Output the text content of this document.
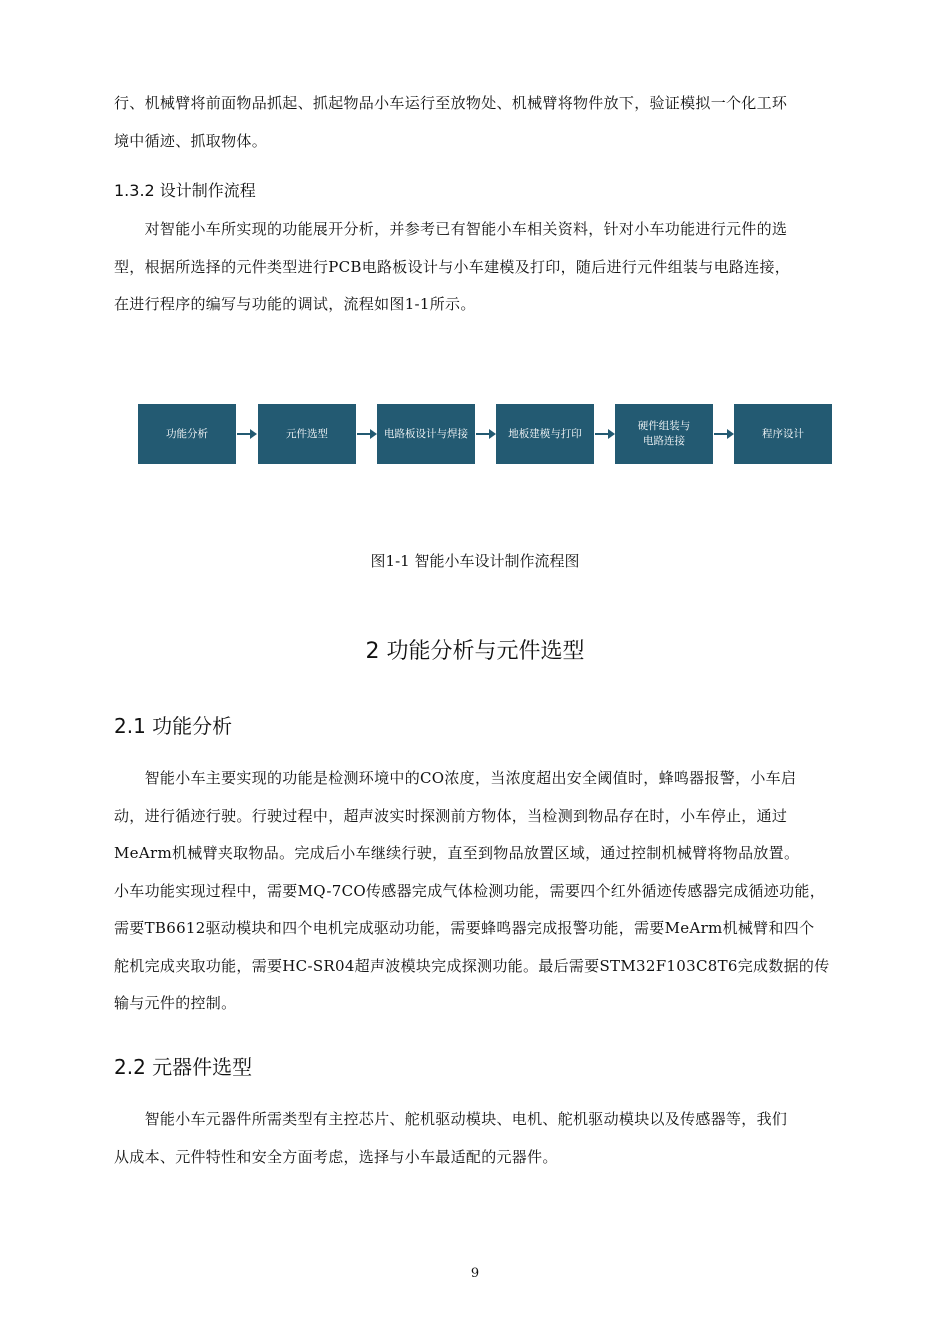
行、机械臂将前面物品抓起、抓起物品小车运行至放物处、机械臂将物件放下，验证模拟一个化工环
境中循迹、抓取物体。

1.3.2 设计制作流程

　　对智能小车所实现的功能展开分析，并参考已有智能小车相关资料，针对小车功能进行元件的选
型，根据所选择的元件类型进行PCB电路板设计与小车建模及打印，随后进行元件组装与电路连接，
在进行程序的编写与功能的调试，流程如图1-1所示。

功能分析	元件选型	电路板设计与焊接	地板建模与打印
硬件组装与
电路连接
程序设计
图1-1 智能小车设计制作流程图
2 功能分析与元件选型
2.1 功能分析

　　智能小车主要实现的功能是检测环境中的CO浓度，当浓度超出安全阈值时，蜂鸣器报警，小车启
动，进行循迹行驶。行驶过程中，超声波实时探测前方物体，当检测到物品存在时，小车停止，通过
MeArm机械臂夹取物品。完成后小车继续行驶，直至到物品放置区域，通过控制机械臂将物品放置。
小车功能实现过程中，需要MQ-7CO传感器完成气体检测功能，需要四个红外循迹传感器完成循迹功能，
需要TB6612驱动模块和四个电机完成驱动功能，需要蜂鸣器完成报警功能，需要MeArm机械臂和四个
舵机完成夹取功能，需要HC-SR04超声波模块完成探测功能。最后需要STM32F103C8T6完成数据的传
输与元件的控制。

2.2 元器件选型

　　智能小车元器件所需类型有主控芯片、舵机驱动模块、电机、舵机驱动模块以及传感器等，我们
从成本、元件特性和安全方面考虑，选择与小车最适配的元器件。

9
